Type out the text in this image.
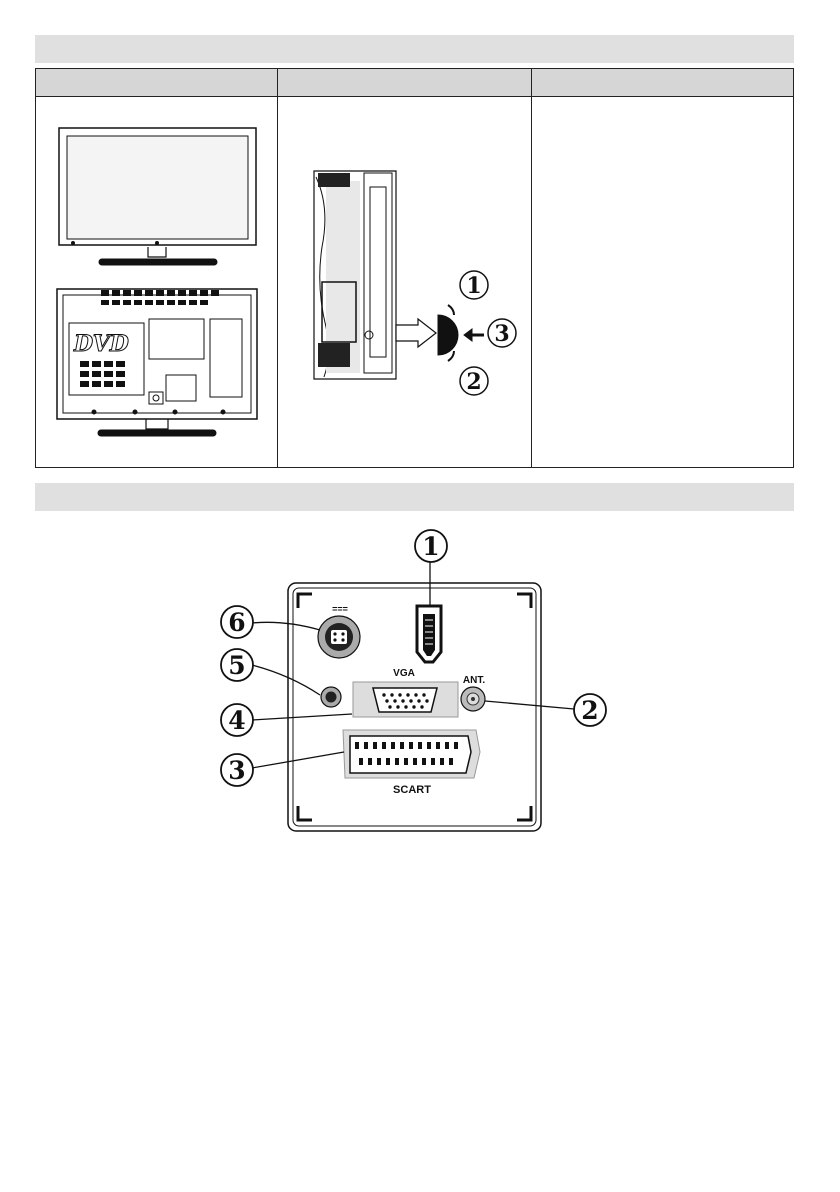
DVD
1
3
2
===
VGA
ANT.
SCART
1
2
3
4
5
6
